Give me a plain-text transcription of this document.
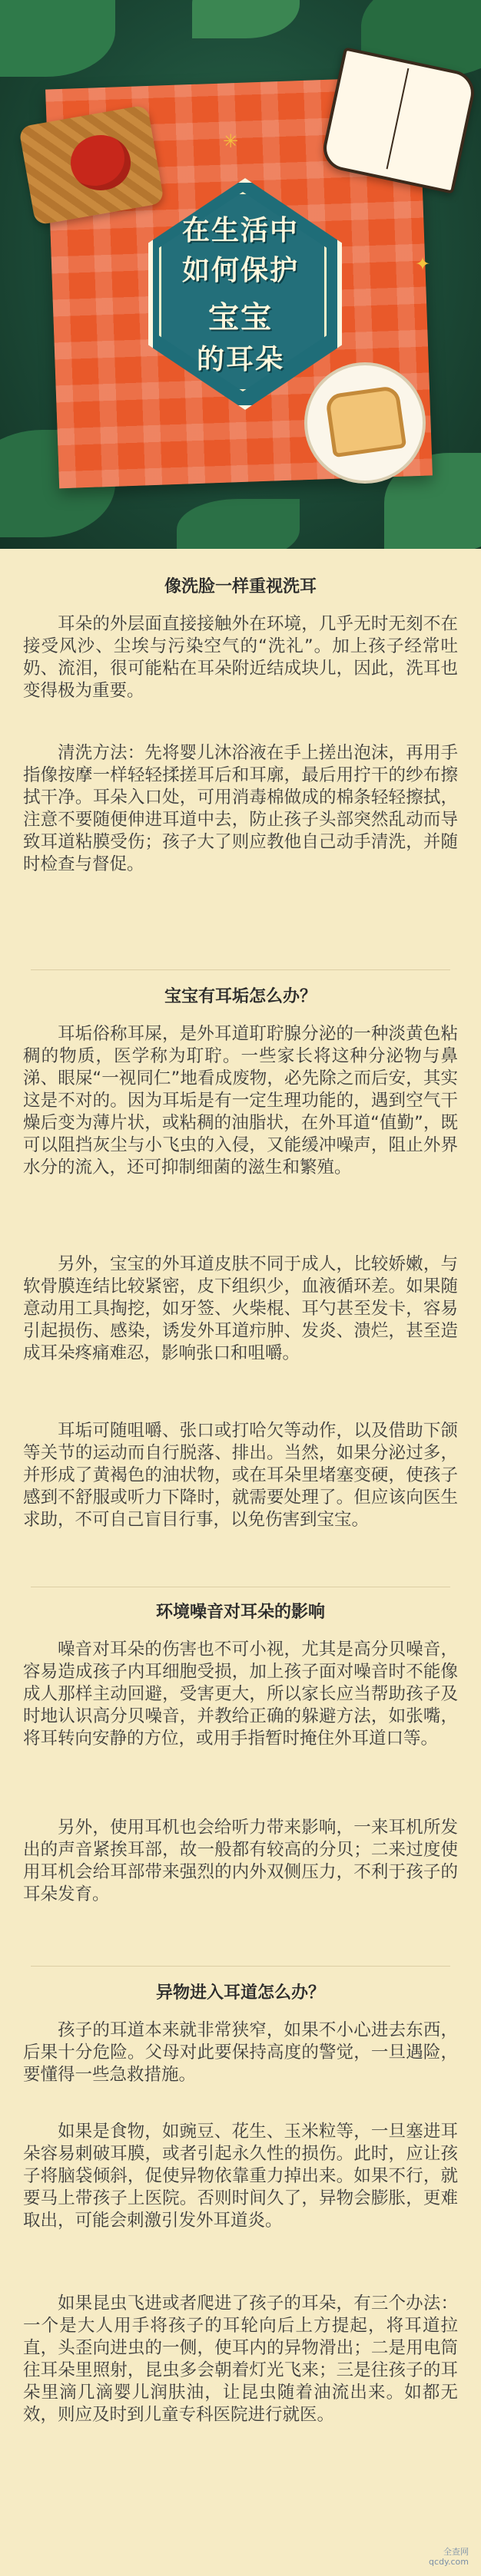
✳
✦
在生活中
如何保护
宝宝
的耳朵
像洗脸一样重视洗耳
耳朵的外层面直接接触外在环境，几乎无时无刻不在接受风沙、尘埃与污染空气的“洗礼”。加上孩子经常吐奶、流泪，很可能粘在耳朵附近结成块儿，因此，洗耳也变得极为重要。
清洗方法：先将婴儿沐浴液在手上搓出泡沫，再用手指像按摩一样轻轻揉搓耳后和耳廓，最后用拧干的纱布擦拭干净。耳朵入口处，可用消毒棉做成的棉条轻轻擦拭，注意不要随便伸进耳道中去，防止孩子头部突然乱动而导致耳道粘膜受伤；孩子大了则应教他自己动手清洗，并随时检查与督促。
宝宝有耳垢怎么办？
耳垢俗称耳屎，是外耳道耵聍腺分泌的一种淡黄色粘稠的物质，医学称为耵聍。一些家长将这种分泌物与鼻涕、眼屎“一视同仁”地看成废物，必先除之而后安，其实这是不对的。因为耳垢是有一定生理功能的，遇到空气干燥后变为薄片状，或粘稠的油脂状，在外耳道“值勤”，既可以阻挡灰尘与小飞虫的入侵，又能缓冲噪声，阻止外界水分的流入，还可抑制细菌的滋生和繁殖。
另外，宝宝的外耳道皮肤不同于成人，比较娇嫩，与软骨膜连结比较紧密，皮下组织少，血液循环差。如果随意动用工具掏挖，如牙签、火柴棍、耳勺甚至发卡，容易引起损伤、感染，诱发外耳道疖肿、发炎、溃烂，甚至造成耳朵疼痛难忍，影响张口和咀嚼。
耳垢可随咀嚼、张口或打哈欠等动作，以及借助下颌等关节的运动而自行脱落、排出。当然，如果分泌过多，并形成了黄褐色的油状物，或在耳朵里堵塞变硬，使孩子感到不舒服或听力下降时，就需要处理了。但应该向医生求助，不可自己盲目行事，以免伤害到宝宝。
环境噪音对耳朵的影响
噪音对耳朵的伤害也不可小视，尤其是高分贝噪音，容易造成孩子内耳细胞受损，加上孩子面对噪音时不能像成人那样主动回避，受害更大，所以家长应当帮助孩子及时地认识高分贝噪音，并教给正确的躲避方法，如张嘴，将耳转向安静的方位，或用手指暂时掩住外耳道口等。
另外，使用耳机也会给听力带来影响，一来耳机所发出的声音紧挨耳部，故一般都有较高的分贝；二来过度使用耳机会给耳部带来强烈的内外双侧压力，不利于孩子的耳朵发育。
异物进入耳道怎么办？
孩子的耳道本来就非常狭窄，如果不小心进去东西，后果十分危险。父母对此要保持高度的警觉，一旦遇险，要懂得一些急救措施。
如果是食物，如豌豆、花生、玉米粒等，一旦塞进耳朵容易刺破耳膜，或者引起永久性的损伤。此时，应让孩子将脑袋倾斜，促使异物依靠重力掉出来。如果不行，就要马上带孩子上医院。否则时间久了，异物会膨胀，更难取出，可能会刺激引发外耳道炎。
如果昆虫飞进或者爬进了孩子的耳朵，有三个办法：一个是大人用手将孩子的耳轮向后上方提起，将耳道拉直，头歪向进虫的一侧，使耳内的异物滑出；二是用电筒往耳朵里照射，昆虫多会朝着灯光飞来；三是往孩子的耳朵里滴几滴婴儿润肤油，让昆虫随着油流出来。如都无效，则应及时到儿童专科医院进行就医。
全查网
qcdy.com
